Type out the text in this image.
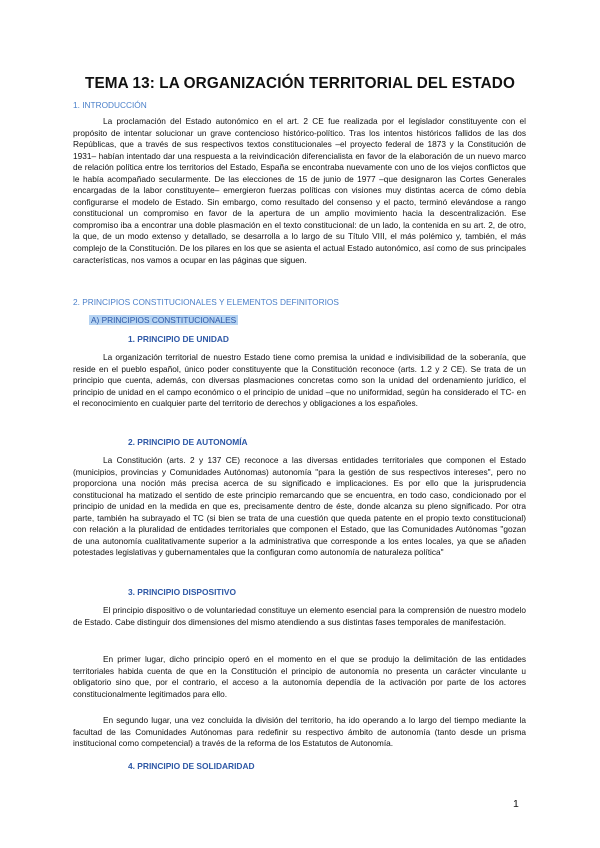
TEMA 13: LA ORGANIZACIÓN TERRITORIAL DEL ESTADO
1. INTRODUCCIÓN
La proclamación del Estado autonómico en el art. 2 CE fue realizada por el legislador constituyente con el propósito de intentar solucionar un grave contencioso histórico-político. Tras los intentos históricos fallidos de las dos Repúblicas, que a través de sus respectivos textos constitucionales –el proyecto federal de 1873 y la Constitución de 1931– habían intentado dar una respuesta a la reivindicación diferencialista en favor de la elaboración de un nuevo marco de relación política entre los territorios del Estado, España se encontraba nuevamente con uno de los viejos conflictos que le había acompañado secularmente. De las elecciones de 15 de junio de 1977 –que designaron las Cortes Generales encargadas de la labor constituyente– emergieron fuerzas políticas con visiones muy distintas acerca de cómo debía configurarse el modelo de Estado. Sin embargo, como resultado del consenso y el pacto, terminó elevándose a rango constitucional un compromiso en favor de la apertura de un amplio movimiento hacia la descentralización. Ese compromiso iba a encontrar una doble plasmación en el texto constitucional: de un lado, la contenida en su art. 2, de otro, la que, de un modo extenso y detallado, se desarrolla a lo largo de su Título VIII, el más polémico y, también, el más complejo de la Constitución. De los pilares en los que se asienta el actual Estado autonómico, así como de sus principales características, nos vamos a ocupar en las páginas que siguen.
2. PRINCIPIOS CONSTITUCIONALES Y ELEMENTOS DEFINITORIOS
A) PRINCIPIOS CONSTITUCIONALES
1. PRINCIPIO DE UNIDAD
La organización territorial de nuestro Estado tiene como premisa la unidad e indivisibilidad de la soberanía, que reside en el pueblo español, único poder constituyente que la Constitución reconoce (arts. 1.2 y 2 CE). Se trata de un principio que cuenta, además, con diversas plasmaciones concretas como son la unidad del ordenamiento jurídico, el principio de unidad en el campo económico o el principio de unidad –que no uniformidad, según ha considerado el TC- en el reconocimiento en cualquier parte del territorio de derechos y obligaciones a los españoles.
2. PRINCIPIO DE AUTONOMÍA
La Constitución (arts. 2 y 137 CE) reconoce a las diversas entidades territoriales que componen el Estado (municipios, provincias y Comunidades Autónomas) autonomía "para la gestión de sus respectivos intereses", pero no proporciona una noción más precisa acerca de su significado e implicaciones. Es por ello que la jurisprudencia constitucional ha matizado el sentido de este principio remarcando que se encuentra, en todo caso, condicionado por el principio de unidad en la medida en que es, precisamente dentro de éste, donde alcanza su pleno significado. Por otra parte, también ha subrayado el TC (si bien se trata de una cuestión que queda patente en el propio texto constitucional) con relación a la pluralidad de entidades territoriales que componen el Estado, que las Comunidades Autónomas "gozan de una autonomía cualitativamente superior a la administrativa que corresponde a los entes locales, ya que se añaden potestades legislativas y gubernamentales que la configuran como autonomía de naturaleza política"
3. PRINCIPIO DISPOSITIVO
El principio dispositivo o de voluntariedad constituye un elemento esencial para la comprensión de nuestro modelo de Estado. Cabe distinguir dos dimensiones del mismo atendiendo a sus distintas fases temporales de manifestación.
En primer lugar, dicho principio operó en el momento en el que se produjo la delimitación de las entidades territoriales habida cuenta de que en la Constitución el principio de autonomía no presenta un carácter vinculante u obligatorio sino que, por el contrario, el acceso a la autonomía dependía de la activación por parte de los actores constitucionalmente legitimados para ello.
En segundo lugar, una vez concluida la división del territorio, ha ido operando a lo largo del tiempo mediante la facultad de las Comunidades Autónomas para redefinir su respectivo ámbito de autonomía (tanto desde un prisma institucional como competencial) a través de la reforma de los Estatutos de Autonomía.
4. PRINCIPIO DE SOLIDARIDAD
1
